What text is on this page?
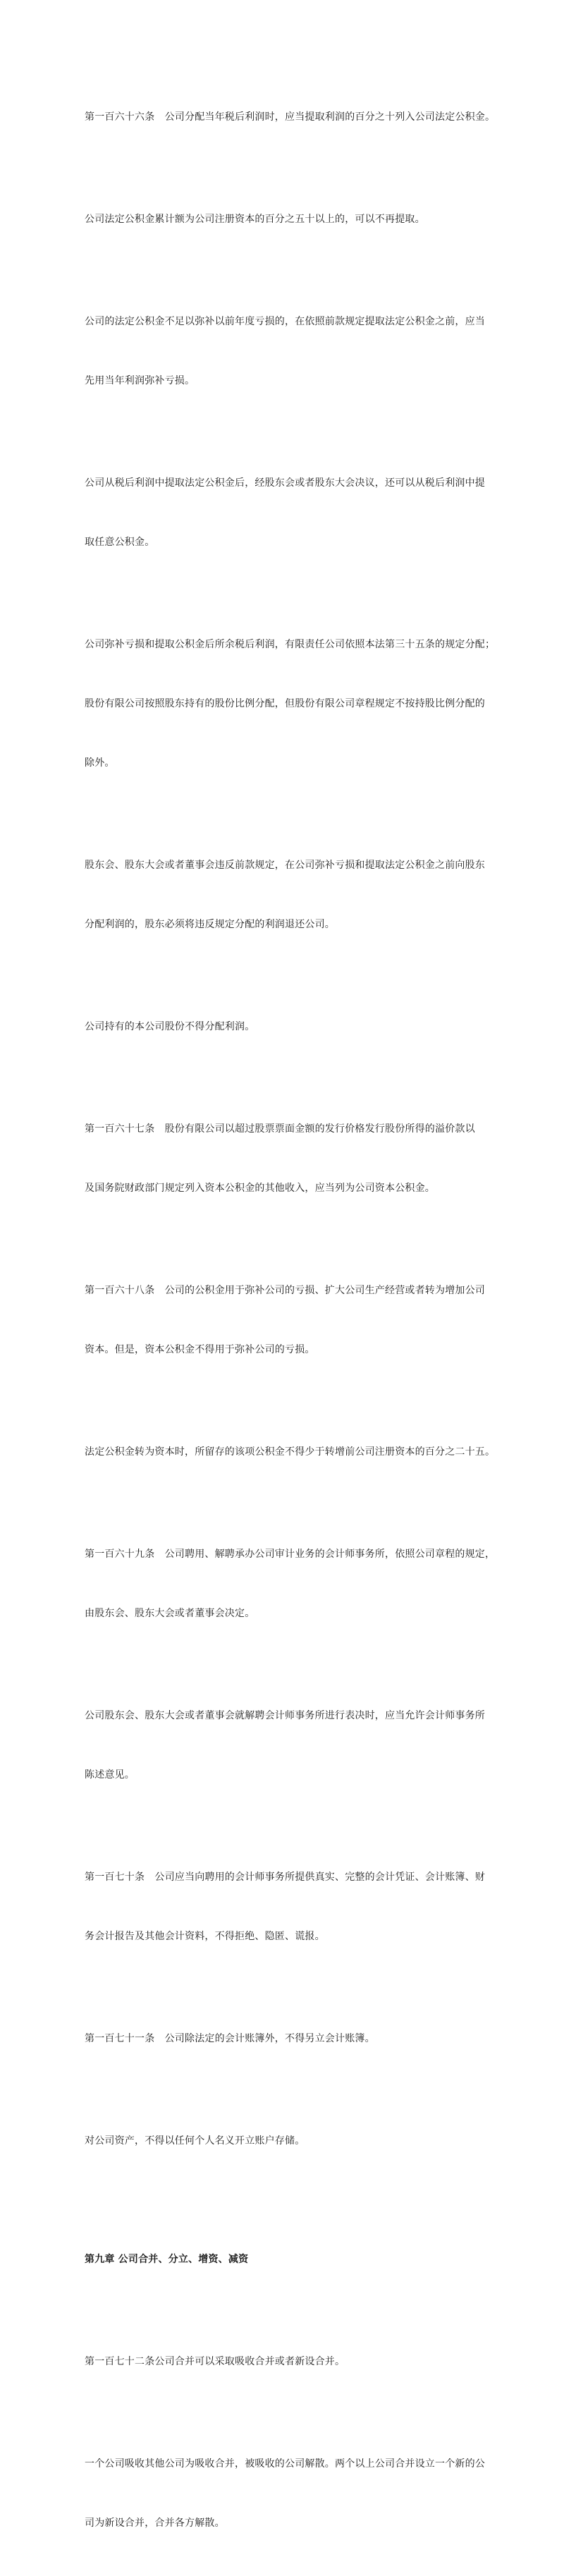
第一百六十六条　公司分配当年税后利润时，应当提取利润的百分之十列入公司法定公积金。

公司法定公积金累计额为公司注册资本的百分之五十以上的，可以不再提取。

公司的法定公积金不足以弥补以前年度亏损的，在依照前款规定提取法定公积金之前，应当

先用当年利润弥补亏损。

公司从税后利润中提取法定公积金后，经股东会或者股东大会决议，还可以从税后利润中提

取任意公积金。

公司弥补亏损和提取公积金后所余税后利润，有限责任公司依照本法第三十五条的规定分配；

股份有限公司按照股东持有的股份比例分配，但股份有限公司章程规定不按持股比例分配的

除外。

股东会、股东大会或者董事会违反前款规定，在公司弥补亏损和提取法定公积金之前向股东

分配利润的，股东必须将违反规定分配的利润退还公司。

公司持有的本公司股份不得分配利润。

第一百六十七条　股份有限公司以超过股票票面金额的发行价格发行股份所得的溢价款以

及国务院财政部门规定列入资本公积金的其他收入，应当列为公司资本公积金。

第一百六十八条　公司的公积金用于弥补公司的亏损、扩大公司生产经营或者转为增加公司

资本。但是，资本公积金不得用于弥补公司的亏损。

法定公积金转为资本时，所留存的该项公积金不得少于转增前公司注册资本的百分之二十五。

第一百六十九条　公司聘用、解聘承办公司审计业务的会计师事务所，依照公司章程的规定，

由股东会、股东大会或者董事会决定。

公司股东会、股东大会或者董事会就解聘会计师事务所进行表决时，应当允许会计师事务所

陈述意见。

第一百七十条　公司应当向聘用的会计师事务所提供真实、完整的会计凭证、会计账簿、财

务会计报告及其他会计资料，不得拒绝、隐匿、谎报。

第一百七十一条　公司除法定的会计账簿外，不得另立会计账簿。

对公司资产，不得以任何个人名义开立账户存储。

第九章 公司合并、分立、增资、减资

第一百七十二条公司合并可以采取吸收合并或者新设合并。

一个公司吸收其他公司为吸收合并，被吸收的公司解散。两个以上公司合并设立一个新的公

司为新设合并，合并各方解散。
